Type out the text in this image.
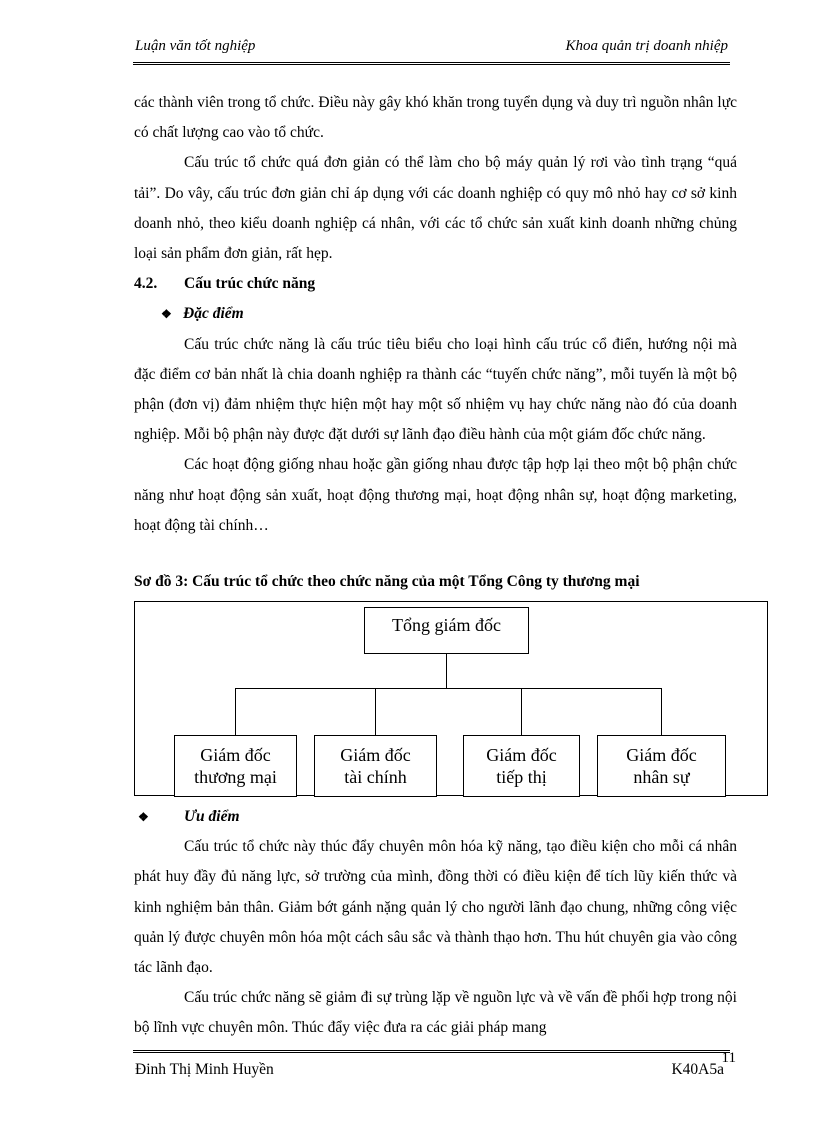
Luận văn tốt nghiệp	Khoa quản trị doanh nhiệp

các thành viên trong tổ chức. Điều này gây khó khăn trong tuyển dụng và duy trì nguồn nhân lực có chất lượng cao vào tổ chức.

Cấu trúc tổ chức quá đơn giản có thể làm cho bộ máy quản lý rơi vào tình trạng “quá tải”. Do vây, cấu trúc đơn giản chỉ áp dụng với các doanh nghiệp có quy mô nhỏ hay cơ sở kinh doanh nhỏ, theo kiểu doanh nghiệp cá nhân, với các tổ chức sản xuất kinh doanh những chủng loại sản phẩm đơn giản, rất hẹp.

4.2. Cấu trúc chức năng

❖ Đặc điểm

Cấu trúc chức năng là cấu trúc tiêu biểu cho loại hình cấu trúc cổ điển, hướng nội mà đặc điểm cơ bản nhất là chia doanh nghiệp ra thành các “tuyến chức năng”, mỗi tuyến là một bộ phận (đơn vị) đảm nhiệm thực hiện một hay một số nhiệm vụ hay chức năng nào đó của doanh nghiệp. Mỗi bộ phận này được đặt dưới sự lãnh đạo điều hành của một giám đốc chức năng.

Các hoạt động giống nhau hoặc gần giống nhau được tập hợp lại theo một bộ phận chức năng như hoạt động sản xuất, hoạt động thương mại, hoạt động nhân sự, hoạt động marketing, hoạt động tài chính…

Sơ đồ 3: Cấu trúc tổ chức theo chức năng của một Tổng Công ty thương mại
Tổng giám đốc
Giám đốc
thương mại
Giám đốc
tài chính
Giám đốc
tiếp thị
Giám đốc
nhân sự

❖ Ưu điểm

Cấu trúc tổ chức này thúc đẩy chuyên môn hóa kỹ năng, tạo điều kiện cho mỗi cá nhân phát huy đầy đủ năng lực, sở trường của mình, đồng thời có điều kiện để tích lũy kiến thức và kinh nghiệm bản thân. Giảm bớt gánh nặng quản lý cho người lãnh đạo chung, những công việc quản lý được chuyên môn hóa một cách sâu sắc và thành thạo hơn. Thu hút chuyên gia vào công tác lãnh đạo.

Cấu trúc chức năng sẽ giảm đi sự trùng lặp về nguồn lực và về vấn đề phối hợp trong nội bộ lĩnh vực chuyên môn. Thúc đẩy việc đưa ra các giải pháp mang

Đinh Thị Minh Huyền	K40A5a
11
